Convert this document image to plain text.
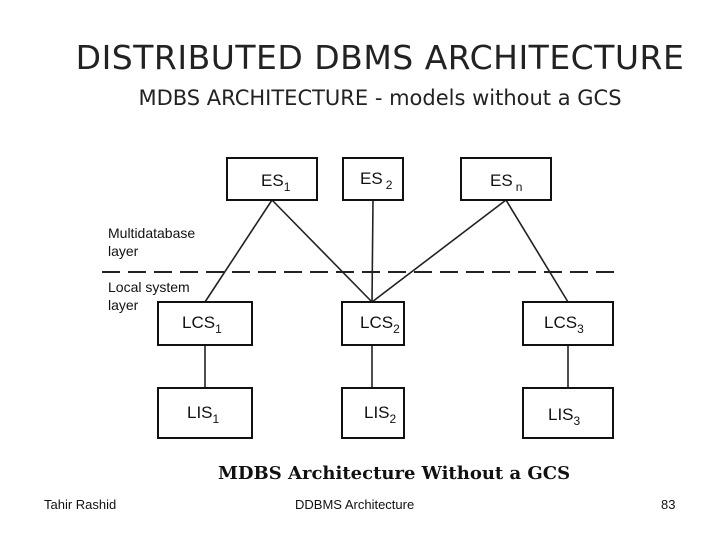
DISTRIBUTED DBMS ARCHITECTURE
MDBS ARCHITECTURE - models without a GCS
Multidatabase
layer
Local system
layer
$ES_1$	ES $_2$	ES $_n$
$LCS_1$	$LCS_2$	$LCS_3$
$LIS_1$	$LIS_2$	$LIS_3$
MDBS Architecture Without a GCS
Tahir Rashid	DDBMS Architecture	83
